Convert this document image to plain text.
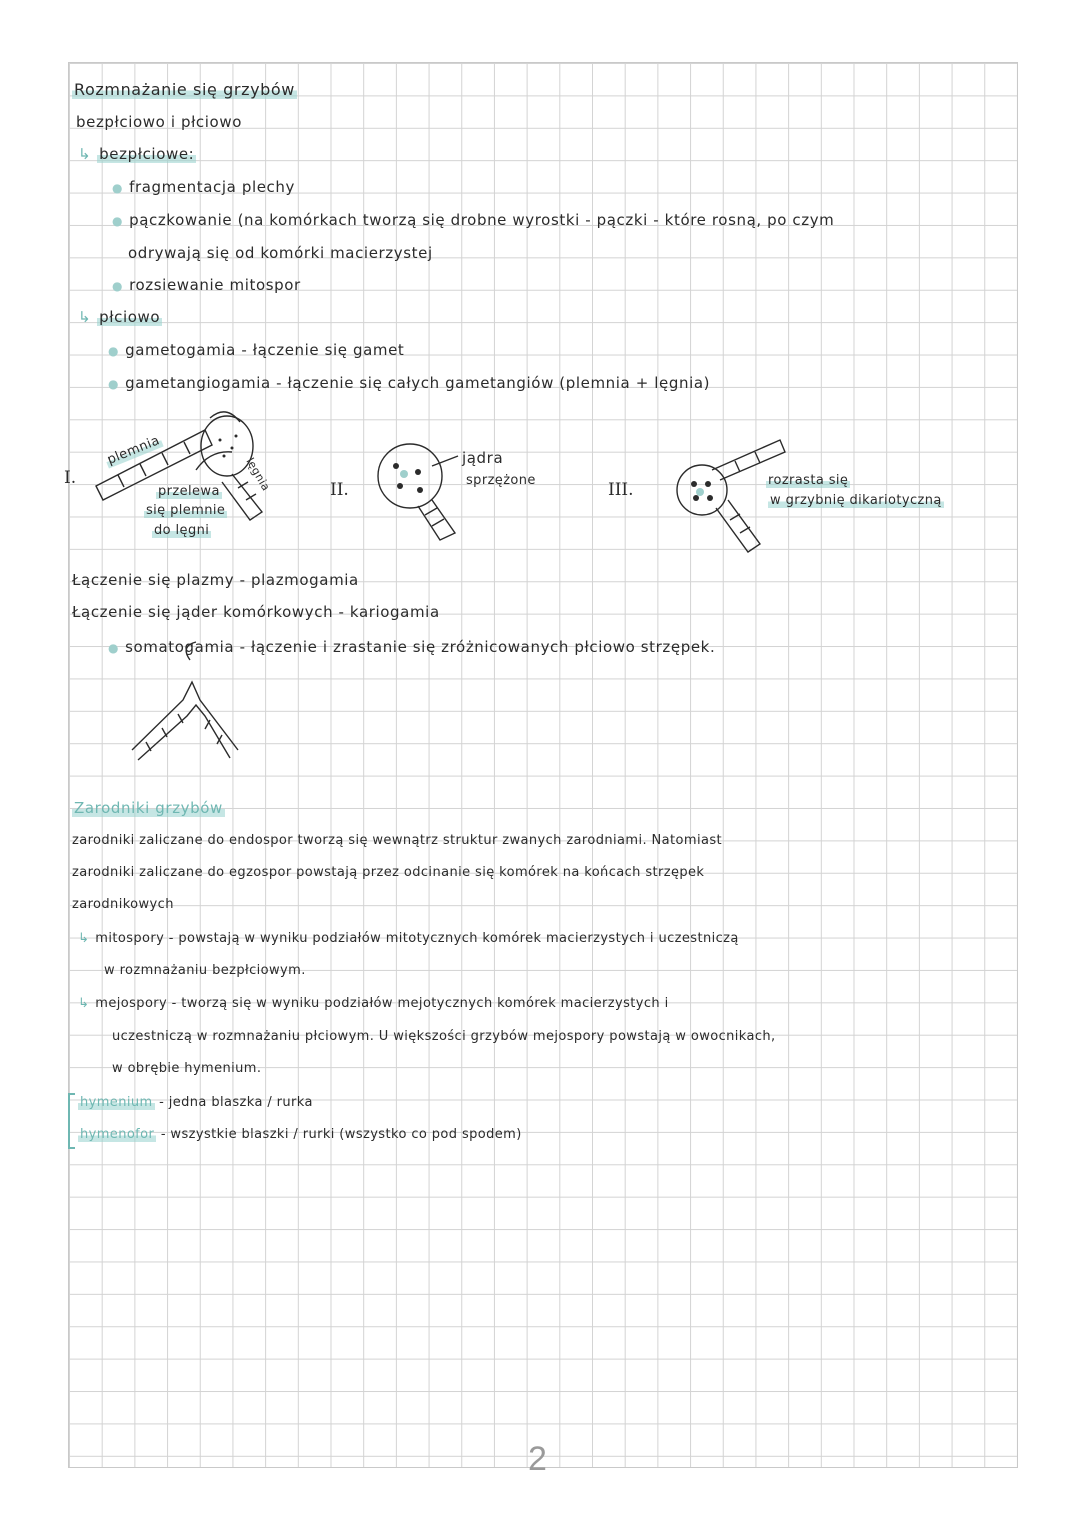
Rozmnażanie się grzybów
bezpłciowo i płciowo
↳ bezpłciowe:
● fragmentacja plechy
● pączkowanie (na komórkach tworzą się drobne wyrostki - pączki - które rosną, po czym
odrywają się od komórki macierzystej
● rozsiewanie mitospor
↳ płciowo
● gametogamia - łączenie się gamet
● gametangiogamia - łączenie się całych gametangiów (plemnia + lęgnia)
I.
plemnia
lęgnia
przelewa
się plemnie
do lęgni
II.
jądra
sprzężone	III.	rozrasta się
w grzybnię dikariotyczną
Łączenie się plazmy - plazmogamia
Łączenie się jąder komórkowych - kariogamia
● somatogamia - łączenie i zrastanie się zróżnicowanych płciowo strzępek.
Zarodniki grzybów
zarodniki zaliczane do endospor tworzą się wewnątrz struktur zwanych zarodniami. Natomiast
zarodniki zaliczane do egzospor powstają przez odcinanie się komórek na końcach strzępek
zarodnikowych
↳ mitospory - powstają w wyniku podziałów mitotycznych komórek macierzystych i uczestniczą
w rozmnażaniu bezpłciowym.
↳ mejospory - tworzą się w wyniku podziałów mejotycznych komórek macierzystych i
uczestniczą w rozmnażaniu płciowym. U większości grzybów mejospory powstają w owocnikach,
w obrębie hymenium.
hymenium - jedna blaszka / rurka
hymenofor - wszystkie blaszki / rurki (wszystko co pod spodem)
2
